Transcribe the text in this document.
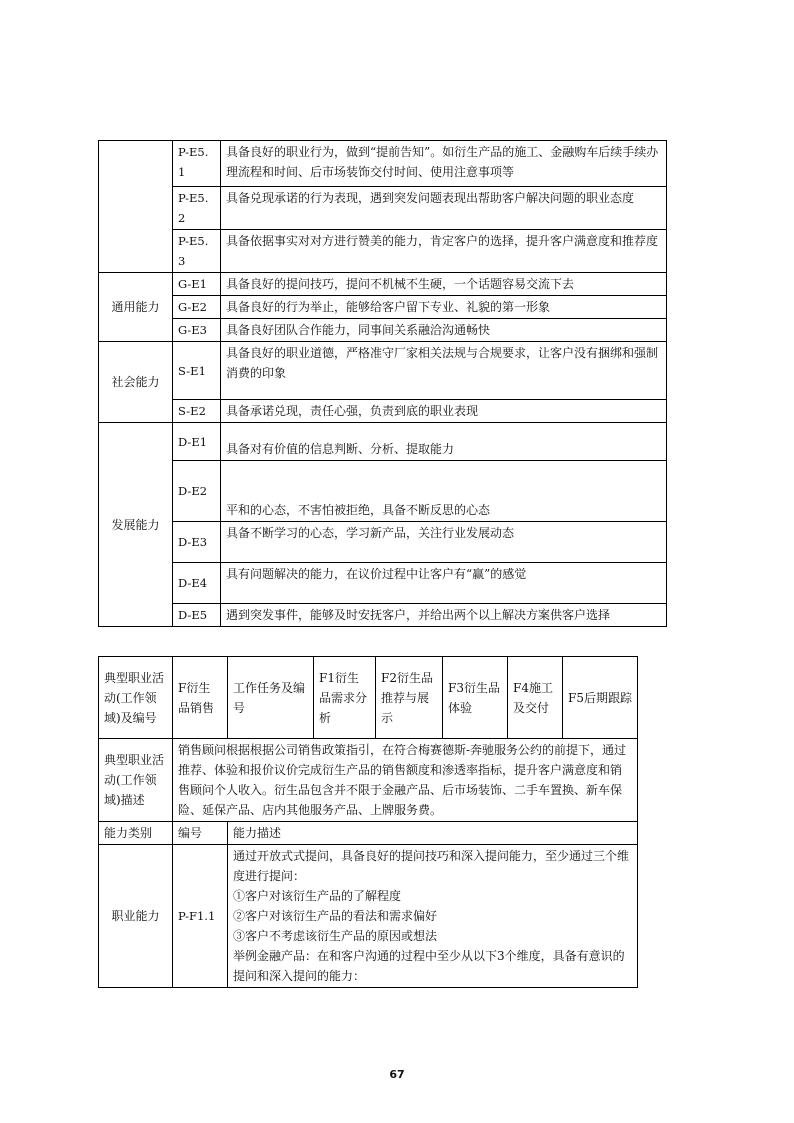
	P-E5.1	具备良好的职业行为，做到“提前告知”。如衍生产品的施工、金融购车后续手续办理流程和时间、后市场装饰交付时间、使用注意事项等
	P-E5.2	具备兑现承诺的行为表现，遇到突发问题表现出帮助客户解决问题的职业态度
	P-E5.3	具备依据事实对对方进行赞美的能力，肯定客户的选择，提升客户满意度和推荐度
通用能力	G-E1	具备良好的提问技巧，提问不机械不生硬，一个话题容易交流下去
	G-E2	具备良好的行为举止，能够给客户留下专业、礼貌的第一形象
	G-E3	具备良好团队合作能力，同事间关系融洽沟通畅快
社会能力	S-E1	具备良好的职业道德，严格准守厂家相关法规与合规要求，让客户没有捆绑和强制消费的印象
	S-E2	具备承诺兑现，责任心强，负责到底的职业表现
发展能力	D-E1	具备对有价值的信息判断、分析、提取能力
	D-E2	平和的心态，不害怕被拒绝，具备不断反思的心态
	D-E3	具备不断学习的心态，学习新产品，关注行业发展动态
	D-E4	具有问题解决的能力，在议价过程中让客户有“赢”的感觉
	D-E5	遇到突发事件，能够及时安抚客户，并给出两个以上解决方案供客户选择
典型职业活动(工作领域)及编号	F衍生品销售	工作任务及编号	F1衍生品需求分析	F2衍生品推荐与展示	F3衍生品体验	F4施工及交付	F5后期跟踪
典型职业活动(工作领域)描述	销售顾问根据根据公司销售政策指引，在符合梅赛德斯-奔驰服务公约的前提下，通过推荐、体验和报价议价完成衍生产品的销售额度和渗透率指标，提升客户满意度和销售顾问个人收入。衍生品包含并不限于金融产品、后市场装饰、二手车置换、新车保险、延保产品、店内其他服务产品、上牌服务费。						
能力类别	编号	能力描述					
职业能力	P-F1.1	通过开放式式提问，具备良好的提问技巧和深入提问能力，至少通过三个维度进行提问：
①客户对该衍生产品的了解程度
②客户对该衍生产品的看法和需求偏好
③客户不考虑该衍生产品的原因或想法
举例金融产品：在和客户沟通的过程中至少从以下3个维度，具备有意识的提问和深入提问的能力：					
67
